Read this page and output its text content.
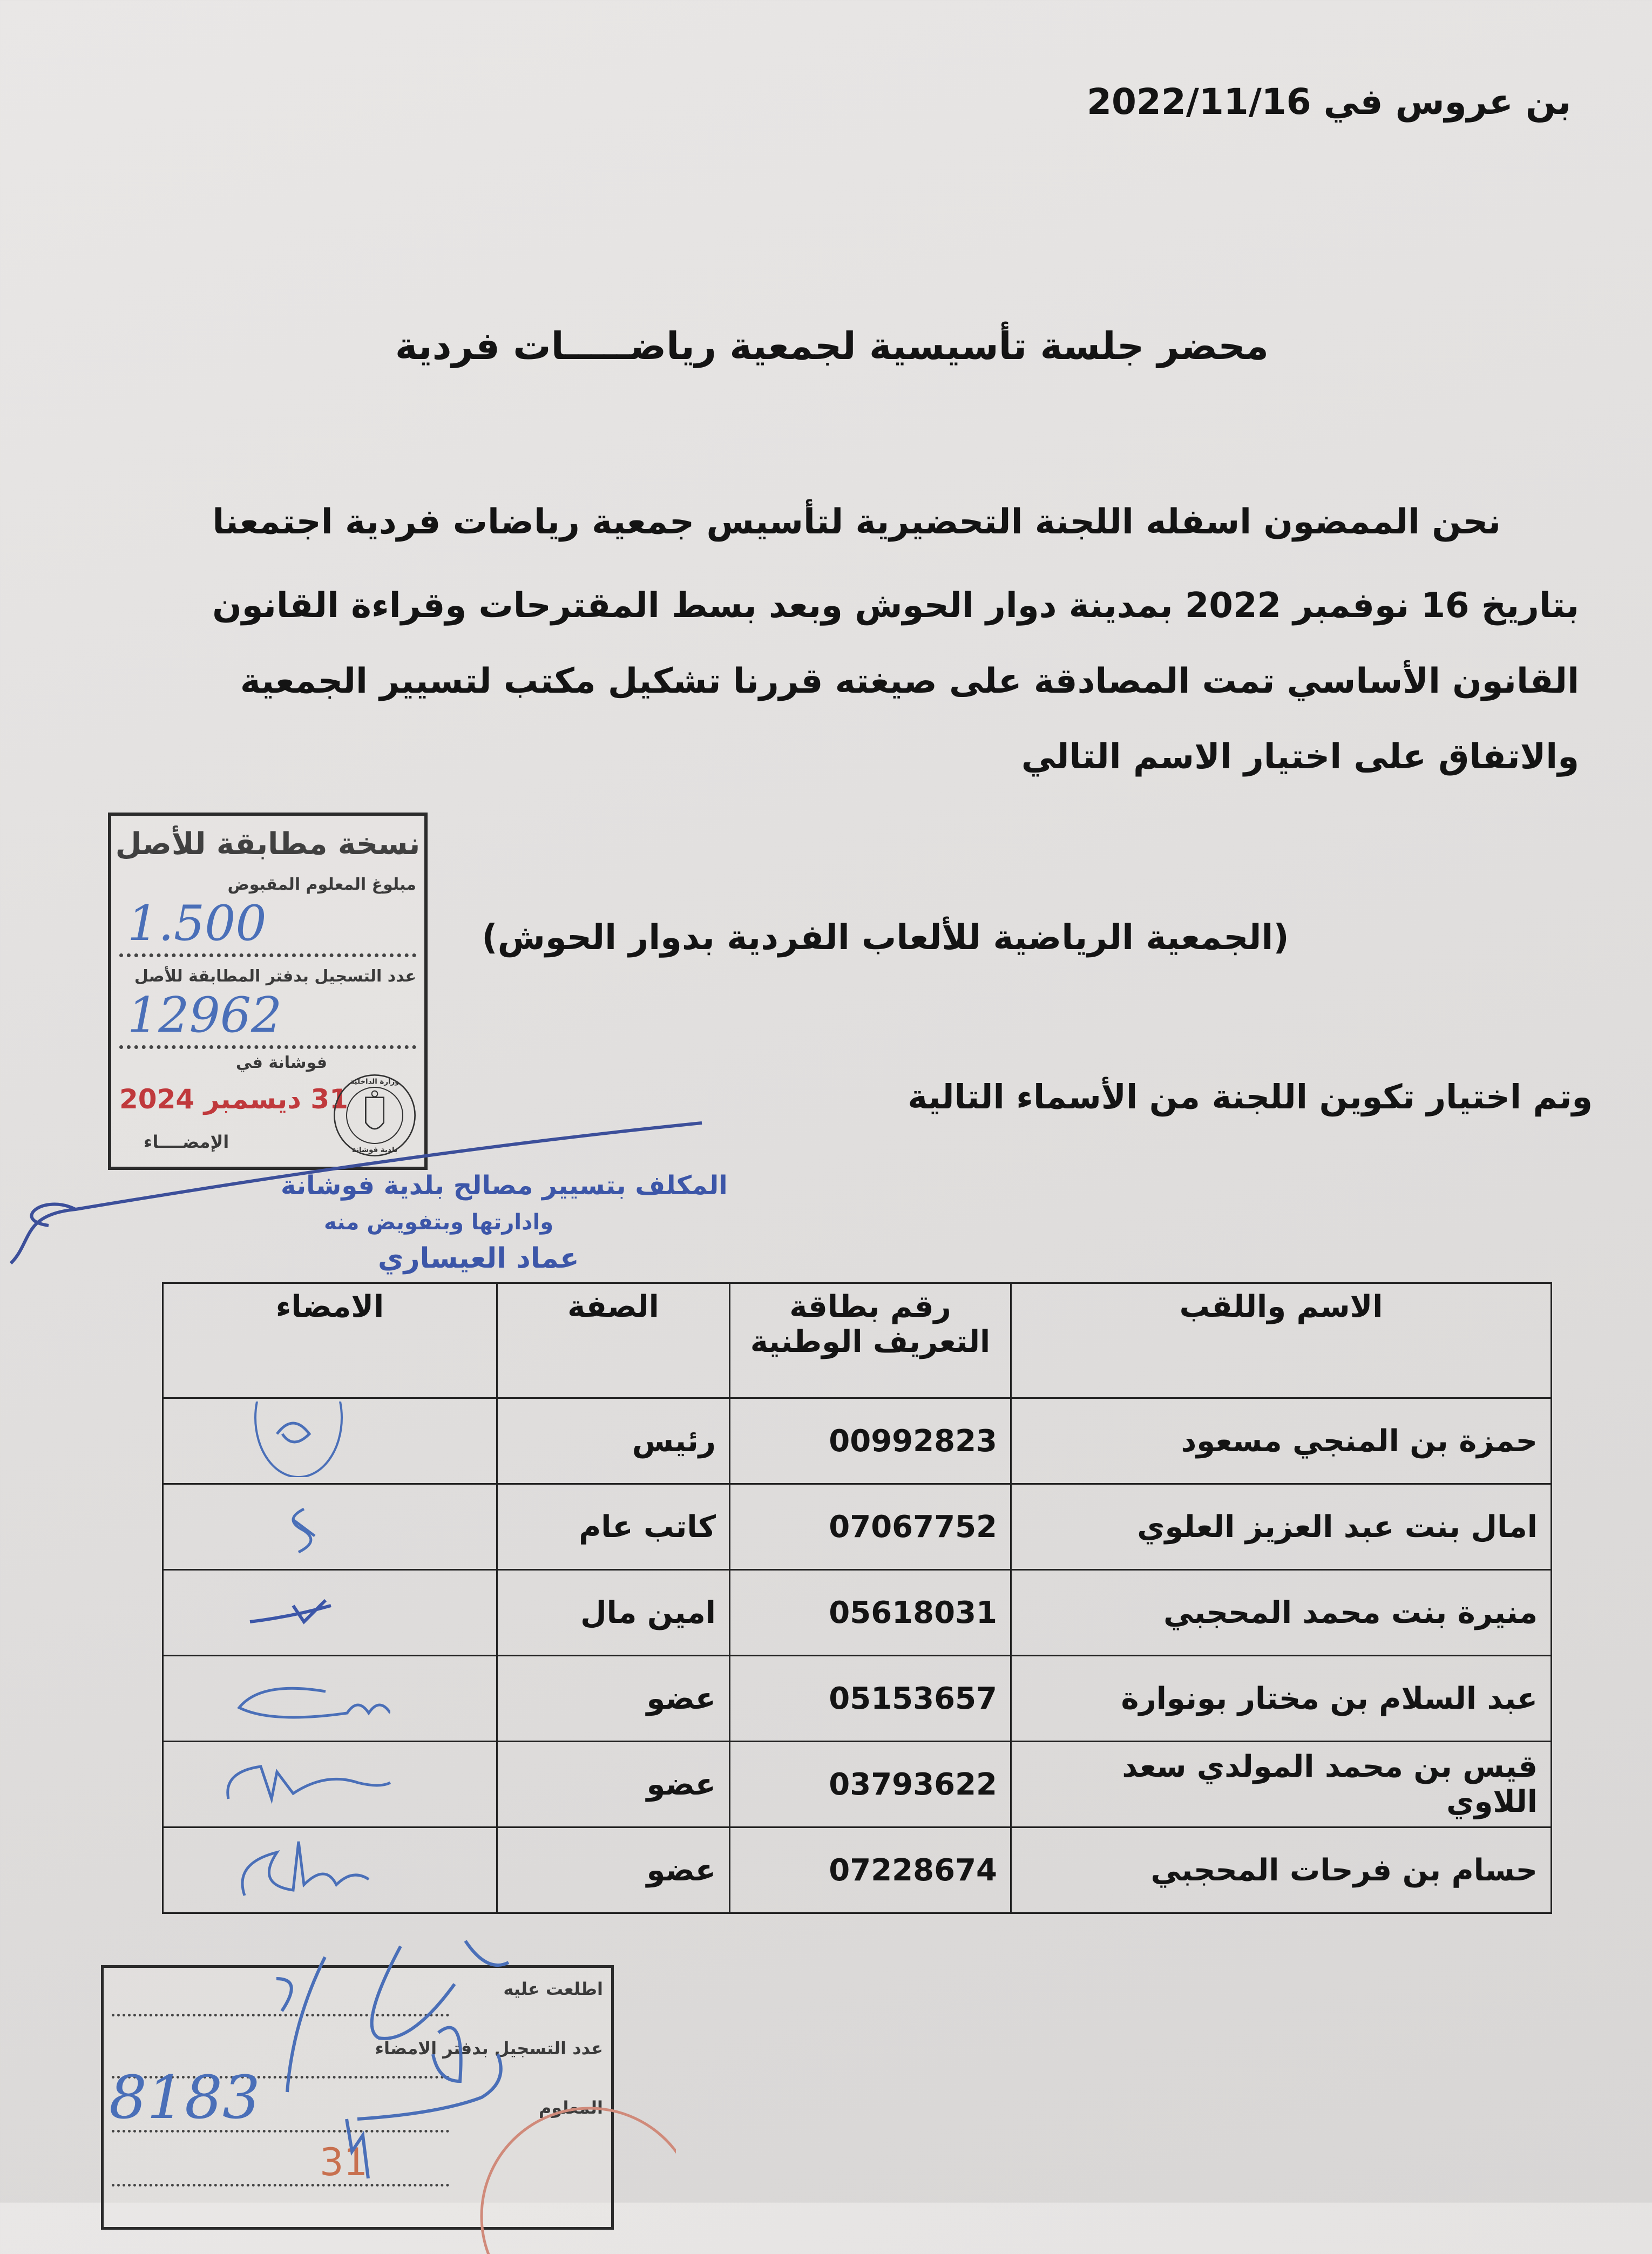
بن عروس في 2022/11/16
محضر جلسة تأسيسية لجمعية رياضـــــات فردية
نحن الممضون اسفله اللجنة التحضيرية لتأسيس جمعية رياضات فردية اجتمعنا
بتاريخ 16 نوفمبر 2022 بمدينة دوار الحوش وبعد بسط المقترحات وقراءة القانون
القانون الأساسي تمت المصادقة على صيغته قررنا تشكيل مكتب لتسيير الجمعية
والاتفاق على اختيار الاسم التالي
(الجمعية الرياضية للألعاب الفردية بدوار الحوش)
وتم اختيار تكوين اللجنة من الأسماء التالية
نسخة مطابقة للأصل
مبلوغ المعلوم المقبوض
1.500
عدد التسجيل بدفتر المطابقة للأصل
12962
فوشانة في
31 ديسمبر 2024
الإمضــــاء
وزارة الداخلية
بلدية فوشانة
المكلف بتسيير مصالح بلدية فوشانة
وادارتها وبتفويض منه
عماد العيساري
الاسم واللقب	رقم بطاقة التعريف الوطنية	الصفة	الامضاء
حمزة بن المنجي مسعود	00992823	رئيس	

امال بنت عبد العزيز العلوي	07067752	كاتب عام	

منيرة بنت محمد المحجبي	05618031	امين مال	

عبد السلام بن مختار بونوارة	05153657	عضو	

قيس بن محمد المولدي سعد اللاوي	03793622	عضو	

حسام بن فرحات المحجبي	07228674	عضو	
اطلعت عليه
عدد التسجيل بدفتر الامضاء
المعلوم
8183
31
